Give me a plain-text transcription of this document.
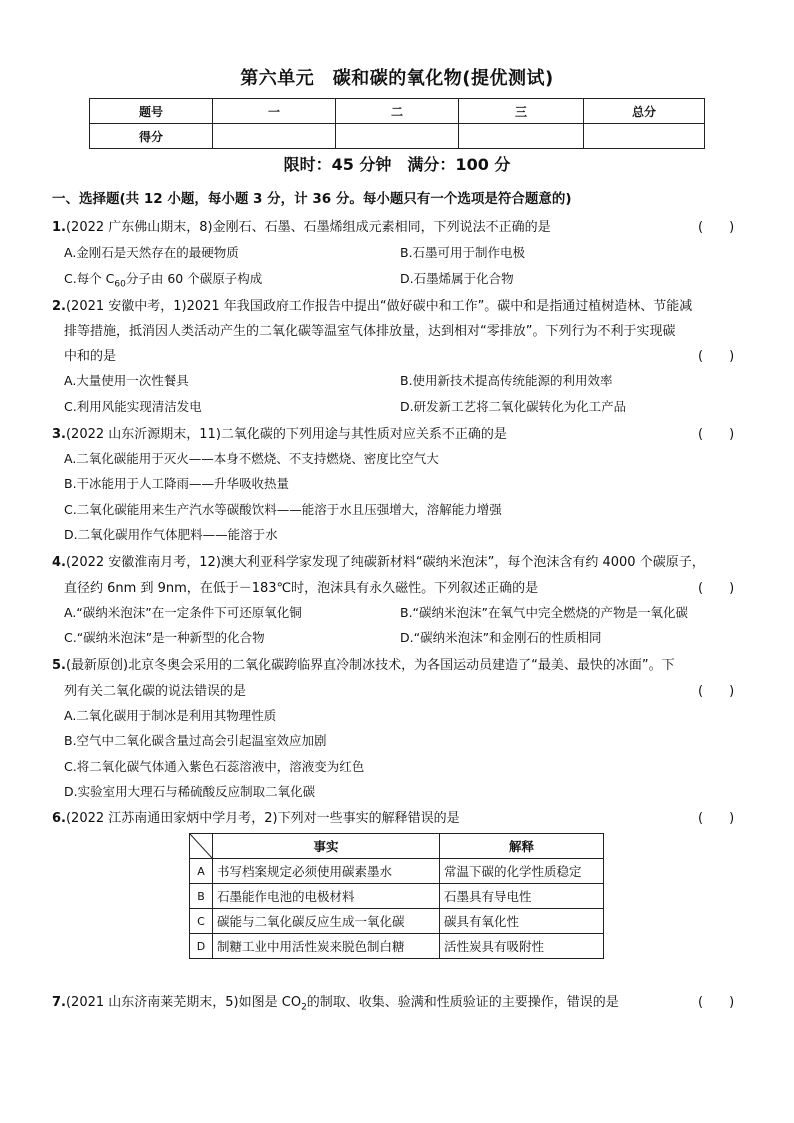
第六单元　碳和碳的氧化物(提优测试)
题号	一	二	三	总分
得分				
限时：45 分钟　满分：100 分
一、选择题(共 12 小题，每小题 3 分，计 36 分。每小题只有一个选项是符合题意的)
1.(2022 广东佛山期末，8)金刚石、石墨、石墨烯组成元素相同，下列说法不正确的是	(　　)
A.金刚石是天然存在的最硬物质	B.石墨可用于制作电极
C.每个 $C_{60}$分子由 60 个碳原子构成	D.石墨烯属于化合物
2.(2021 安徽中考，1)2021 年我国政府工作报告中提出“做好碳中和工作”。碳中和是指通过植树造林、节能减
排等措施，抵消因人类活动产生的二氧化碳等温室气体排放量，达到相对“零排放”。下列行为不利于实现碳
中和的是	(　　)
A.大量使用一次性餐具	B.使用新技术提高传统能源的利用效率
C.利用风能实现清洁发电	D.研发新工艺将二氧化碳转化为化工产品
3.(2022 山东沂源期末，11)二氧化碳的下列用途与其性质对应关系不正确的是	(　　)
A.二氧化碳能用于灭火——本身不燃烧、不支持燃烧、密度比空气大
B.干冰能用于人工降雨——升华吸收热量
C.二氧化碳能用来生产汽水等碳酸饮料——能溶于水且压强增大，溶解能力增强
D.二氧化碳用作气体肥料——能溶于水
4.(2022 安徽淮南月考，12)澳大利亚科学家发现了纯碳新材料“碳纳米泡沫”，每个泡沫含有约 4000 个碳原子，
直径约 6nm 到 9nm，在低于－183℃时，泡沫具有永久磁性。下列叙述正确的是	(　　)
A.“碳纳米泡沫”在一定条件下可还原氧化铜	B.“碳纳米泡沫”在氧气中完全燃烧的产物是一氧化碳
C.“碳纳米泡沫”是一种新型的化合物	D.“碳纳米泡沫”和金刚石的性质相同
5.(最新原创)北京冬奥会采用的二氧化碳跨临界直冷制冰技术，为各国运动员建造了“最美、最快的冰面”。下
列有关二氧化碳的说法错误的是	(　　)
A.二氧化碳用于制冰是利用其物理性质
B.空气中二氧化碳含量过高会引起温室效应加剧
C.将二氧化碳气体通入紫色石蕊溶液中，溶液变为红色
D.实验室用大理石与稀硫酸反应制取二氧化碳
6.(2022 江苏南通田家炳中学月考，2)下列对一些事实的解释错误的是	(　　)
	事实	解释
A	书写档案规定必须使用碳素墨水	常温下碳的化学性质稳定
B	石墨能作电池的电极材料	石墨具有导电性
C	碳能与二氧化碳反应生成一氧化碳	碳具有氧化性
D	制糖工业中用活性炭来脱色制白糖	活性炭具有吸附性
7.(2021 山东济南莱芜期末，5)如图是 $CO_2$的制取、收集、验满和性质验证的主要操作，错误的是	(　　)
